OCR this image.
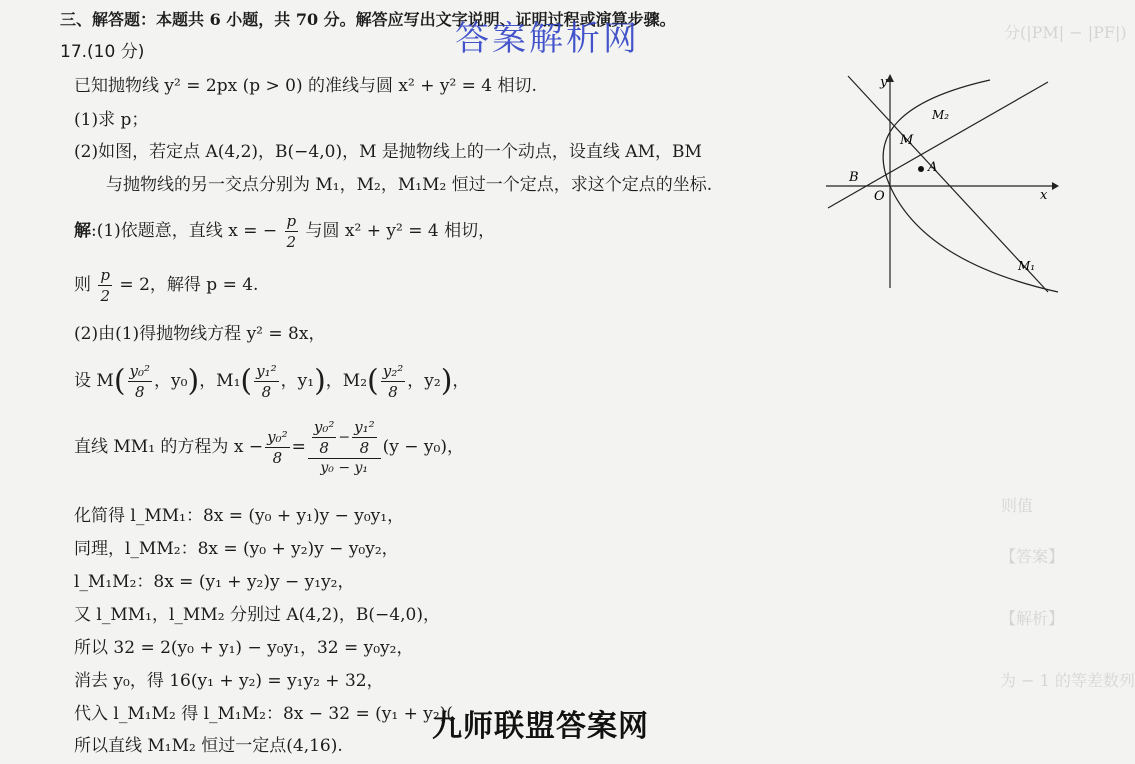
分(|PM| − |PF|)
则值
【答案】
【解析】
为 − 1 的等差数列
三、解答题：本题共 6 小题，共 70 分。解答应写出文字说明、证明过程或演算步骤。
答案解析网
17.(10 分)
已知抛物线 y² = 2px (p > 0) 的准线与圆 x² + y² = 4 相切.
(1)求 p；
(2)如图，若定点 A(4,2)，B(−4,0)，M 是抛物线上的一个动点，设直线 AM，BM
与抛物线的另一交点分别为 M₁，M₂，M₁M₂ 恒过一个定点，求这个定点的坐标.
解:(1)依题意，直线 x = − $\frac{p}{2}$ 与圆 x² + y² = 4 相切，
则 $\frac{p}{2} = 2$，解得 p = 4.
(2)由(1)得抛物线方程 y² = 8x，
设 $M( \frac{\text{y₀²}}{8}$ ，y₀)，$M_1( \frac{\text{y₁²}}{8}$ ，y₁)，$M_2( \frac{\text{y₂²}}{8}$ ，y₂)，
直线 MM₁ 的方程为 $x - \frac{\text{y₀²}}{8} = \frac{\frac{\text{y₀²}}{8} - \frac{\text{y₁²}}{8}}{\text{y₀ − y₁}} (y - y_0)$，
化简得 l_MM₁：8x = (y₀ + y₁)y − y₀y₁，
同理，l_MM₂：8x = (y₀ + y₂)y − y₀y₂，
l_M₁M₂：8x = (y₁ + y₂)y − y₁y₂，
又 l_MM₁，l_MM₂ 分别过 A(4,2)，B(−4,0)，
所以 32 = 2(y₀ + y₁) − y₀y₁，32 = y₀y₂，
消去 y₀，得 16(y₁ + y₂) = y₁y₂ + 32，
代入 l_M₁M₂ 得 l_M₁M₂：8x − 32 = (y₁ + y₂)(
所以直线 M₁M₂ 恒过一定点(4,16).
九师联盟答案网
y
x
O
B
A
M
M₂
M₁
